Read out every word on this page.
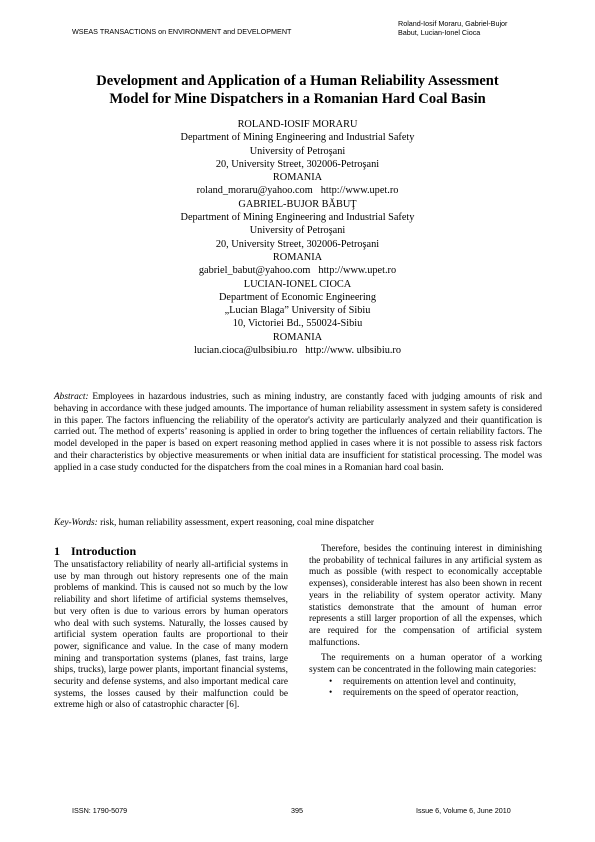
WSEAS TRANSACTIONS on ENVIRONMENT and DEVELOPMENT
Roland-Iosif Moraru, Gabriel-Bujor
Babut, Lucian-Ionel Cioca
Development and Application of a Human Reliability Assessment
Model for Mine Dispatchers in a Romanian Hard Coal Basin
ROLAND-IOSIF MORARU
Department of Mining Engineering and Industrial Safety
University of Petroşani
20, University Street, 302006-Petroşani
ROMANIA
roland_moraru@yahoo.com http://www.upet.ro
GABRIEL-BUJOR BĂBUŢ
Department of Mining Engineering and Industrial Safety
University of Petroşani
20, University Street, 302006-Petroşani
ROMANIA
gabriel_babut@yahoo.com http://www.upet.ro
LUCIAN-IONEL CIOCA
Department of Economic Engineering
„Lucian Blaga” University of Sibiu
10, Victoriei Bd., 550024-Sibiu
ROMANIA
lucian.cioca@ulbsibiu.ro http://www. ulbsibiu.ro

Abstract: Employees in hazardous industries, such as mining industry, are constantly faced with judging amounts of risk and behaving in accordance with these judged amounts. The importance of human reliability assessment in system safety is considered in this paper. The factors influencing the reliability of the operator's activity are particularly analyzed and their quantification is carried out. The method of experts’ reasoning is applied in order to bring together the influences of certain reliability factors. The model developed in the paper is based on expert reasoning method applied in cases where it is not possible to assess risk factors and their characteristics by objective measurements or when initial data are insufficient for statistical processing. The model was applied in a case study conducted for the dispatchers from the coal mines in a Romanian hard coal basin.

Key-Words: risk, human reliability assessment, expert reasoning, coal mine dispatcher

1 Introduction

The unsatisfactory reliability of nearly all-artificial systems in use by man through out history represents one of the main problems of mankind. This is caused not so much by the low reliability and short lifetime of artificial systems themselves, but very often is due to various errors by human operators who deal with such systems. Naturally, the losses caused by artificial system operation faults are proportional to their power, significance and value. In the case of many modern mining and transportation systems (planes, fast trains, large ships, trucks), large power plants, important financial systems, security and defense systems, and also important medical care systems, the losses caused by their malfunction could be extreme high or also of catastrophic character [6].

Therefore, besides the continuing interest in diminishing the probability of technical failures in any artificial system as much as possible (with respect to economically acceptable expenses), considerable interest has also been shown in recent years in the reliability of system operator activity. Many statistics demonstrate that the amount of human error represents a still larger proportion of all the expenses, which are required for the compensation of artificial system malfunctions.

The requirements on a human operator of a working system can be concentrated in the following main categories:

• requirements on attention level and continuity,
• requirements on the speed of operator reaction,
ISSN: 1790-5079	395	Issue 6, Volume 6, June 2010
